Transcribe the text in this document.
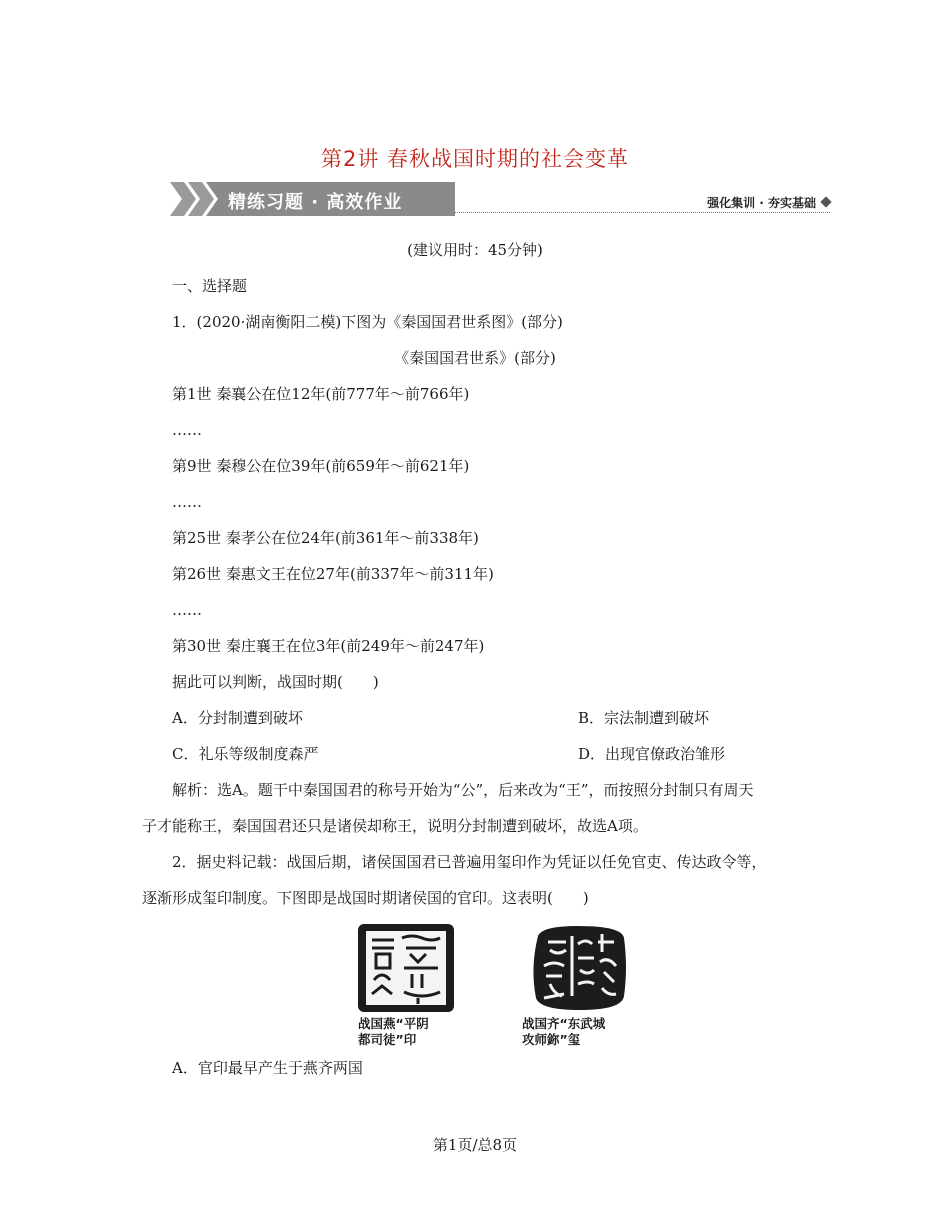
第2讲 春秋战国时期的社会变革
精练习题 · 高效作业	强化集训 · 夯实基础
(建议用时：45分钟)
一、选择题
1．(2020·湖南衡阳二模)下图为《秦国国君世系图》(部分)
《秦国国君世系》(部分)
第1世 秦襄公在位12年(前777年～前766年)
……
第9世 秦穆公在位39年(前659年～前621年)
……
第25世 秦孝公在位24年(前361年～前338年)
第26世 秦惠文王在位27年(前337年～前311年)
……
第30世 秦庄襄王在位3年(前249年～前247年)
据此可以判断，战国时期(　　)
A．分封制遭到破坏	B．宗法制遭到破坏
C．礼乐等级制度森严	D．出现官僚政治雏形
解析：选A。题干中秦国国君的称号开始为“公”，后来改为“王”，而按照分封制只有周天
子才能称王，秦国国君还只是诸侯却称王，说明分封制遭到破坏，故选A项。
2．据史料记载：战国后期，诸侯国国君已普遍用玺印作为凭证以任免官吏、传达政令等，
逐渐形成玺印制度。下图即是战国时期诸侯国的官印。这表明(　　)
战国燕“平阴
都司徒”印
战国齐“东武城
攻师鉨”玺
A．官印最早产生于燕齐两国
第1页/总8页
